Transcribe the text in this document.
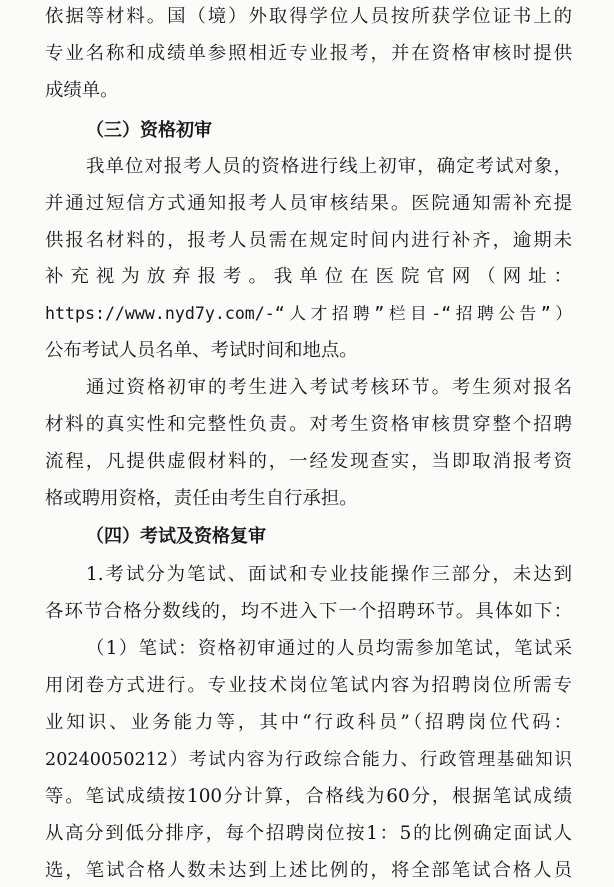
依据等材料。国（境）外取得学位人员按所获学位证书上的
专业名称和成绩单参照相近专业报考，并在资格审核时提供
成绩单。
（三）资格初审
我单位对报考人员的资格进行线上初审，确定考试对象，
并通过短信方式通知报考人员审核结果。医院通知需补充提
供报名材料的，报考人员需在规定时间内进行补齐，逾期未
补充视为放弃报考。我单位在医院官网（网址：
https://www.nyd7y.com/-“人才招聘”栏目-“招聘公告”）
公布考试人员名单、考试时间和地点。
通过资格初审的考生进入考试考核环节。考生须对报名
材料的真实性和完整性负责。对考生资格审核贯穿整个招聘
流程，凡提供虚假材料的，一经发现查实，当即取消报考资
格或聘用资格，责任由考生自行承担。
（四）考试及资格复审
1.考试分为笔试、面试和专业技能操作三部分，未达到
各环节合格分数线的，均不进入下一个招聘环节。具体如下：
（1）笔试：资格初审通过的人员均需参加笔试，笔试采
用闭卷方式进行。专业技术岗位笔试内容为招聘岗位所需专
业知识、业务能力等，其中“行政科员”（招聘岗位代码：
20240050212）考试内容为行政综合能力、行政管理基础知识
等。笔试成绩按100分计算，合格线为60分，根据笔试成绩
从高分到低分排序，每个招聘岗位按1：5的比例确定面试人
选，笔试合格人数未达到上述比例的，将全部笔试合格人员
